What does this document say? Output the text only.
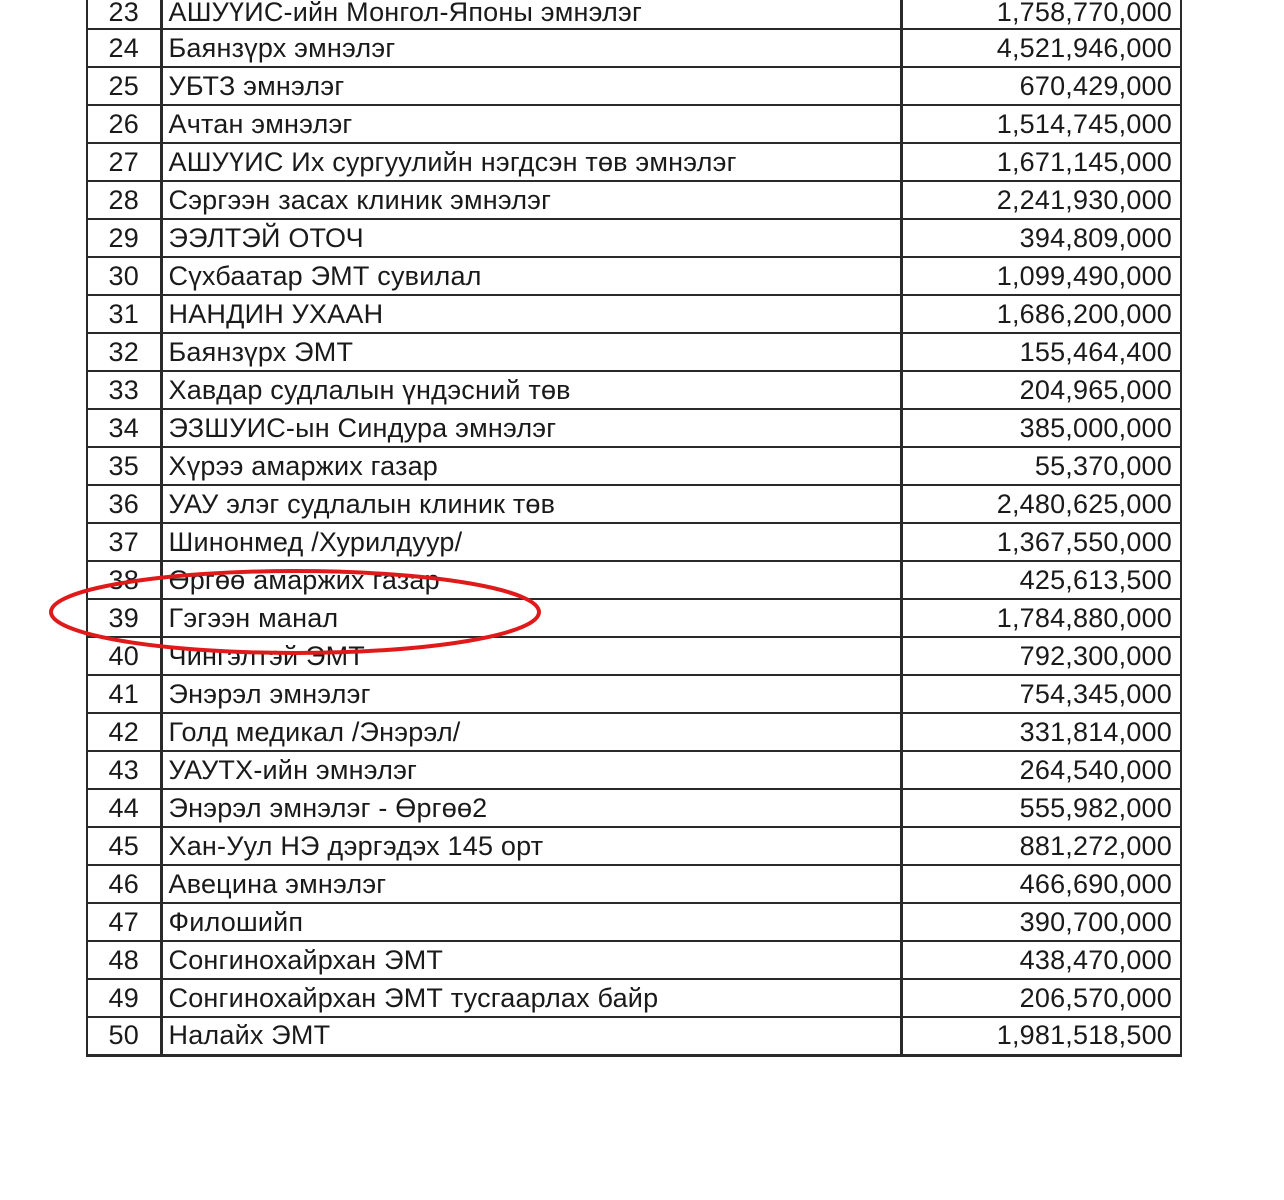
23	АШУҮИС-ийн Монгол-Японы эмнэлэг	1,758,770,000
24	Баянзүрх эмнэлэг	4,521,946,000
25	УБТЗ эмнэлэг	670,429,000
26	Ачтан эмнэлэг	1,514,745,000
27	АШУҮИС Их сургуулийн нэгдсэн төв эмнэлэг	1,671,145,000
28	Сэргээн засах клиник эмнэлэг	2,241,930,000
29	ЭЭЛТЭЙ ОТОЧ	394,809,000
30	Сүхбаатар ЭМТ сувилал	1,099,490,000
31	НАНДИН УХААН	1,686,200,000
32	Баянзүрх ЭМТ	155,464,400
33	Хавдар судлалын үндэсний төв	204,965,000
34	ЭЗШУИС-ын Синдура эмнэлэг	385,000,000
35	Хүрээ амаржих газар	55,370,000
36	УАУ элэг судлалын клиник төв	2,480,625,000
37	Шинонмед /Хурилдуур/	1,367,550,000
38	Өргөө амаржих газар	425,613,500
39	Гэгээн манал	1,784,880,000
40	Чингэлтэй ЭМТ	792,300,000
41	Энэрэл эмнэлэг	754,345,000
42	Голд медикал /Энэрэл/	331,814,000
43	УАУТХ-ийн эмнэлэг	264,540,000
44	Энэрэл эмнэлэг - Өргөө2	555,982,000
45	Хан-Уул НЭ дэргэдэх 145 орт	881,272,000
46	Авецина эмнэлэг	466,690,000
47	Филошийп	390,700,000
48	Сонгинохайрхан ЭМТ	438,470,000
49	Сонгинохайрхан ЭМТ тусгаарлах байр	206,570,000
50	Налайх ЭМТ	1,981,518,500
